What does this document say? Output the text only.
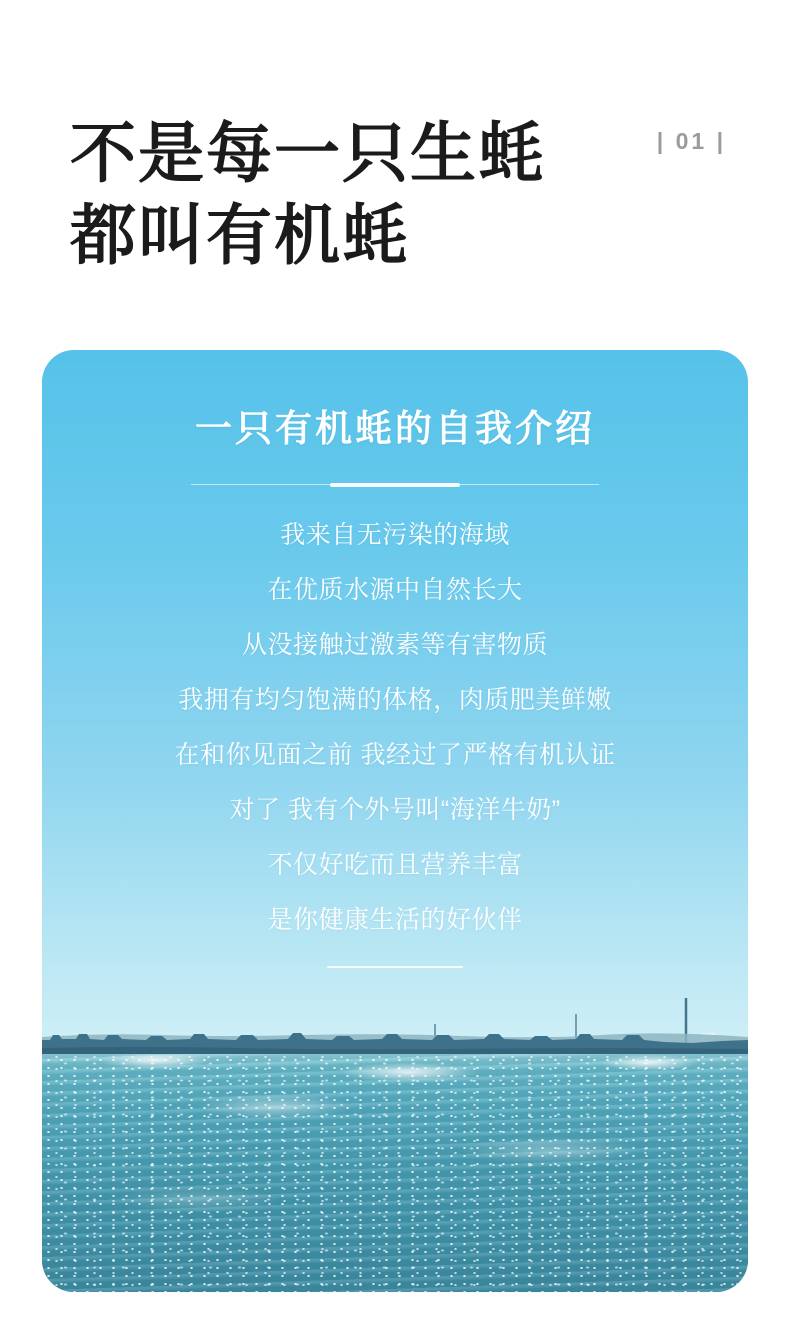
| 01 |
不是每一只生蚝
都叫有机蚝
一只有机蚝的自我介绍

我来自无污染的海域

在优质水源中自然长大

从没接触过激素等有害物质

我拥有均匀饱满的体格，肉质肥美鲜嫩

在和你见面之前 我经过了严格有机认证

对了 我有个外号叫“海洋牛奶”

不仅好吃而且营养丰富

是你健康生活的好伙伴
